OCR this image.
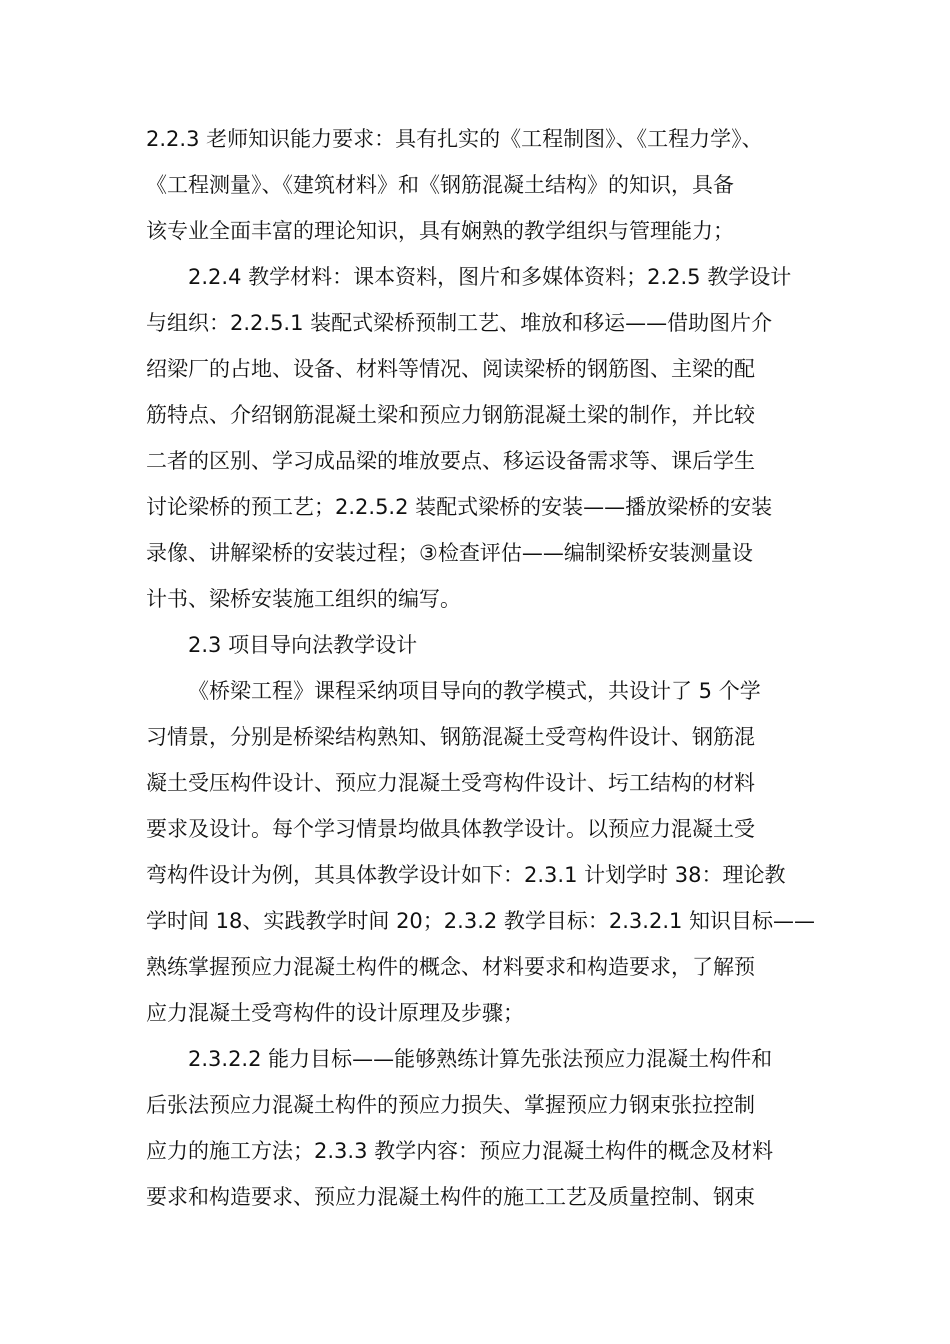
2.2.3 老师知识能力要求：具有扎实的《工程制图》、《工程力学》、
《工程测量》、《建筑材料》和《钢筋混凝土结构》的知识，具备
该专业全面丰富的理论知识，具有娴熟的教学组织与管理能力；
2.2.4 教学材料：课本资料，图片和多媒体资料；2.2.5 教学设计
与组织：2.2.5.1 装配式梁桥预制工艺、堆放和移运——借助图片介
绍梁厂的占地、设备、材料等情况、阅读梁桥的钢筋图、主梁的配
筋特点、介绍钢筋混凝土梁和预应力钢筋混凝土梁的制作，并比较
二者的区别、学习成品梁的堆放要点、移运设备需求等、课后学生
讨论梁桥的预工艺；2.2.5.2 装配式梁桥的安装——播放梁桥的安装
录像、讲解梁桥的安装过程；③检查评估——编制梁桥安装测量设
计书、梁桥安装施工组织的编写。
2.3 项目导向法教学设计
《桥梁工程》课程采纳项目导向的教学模式，共设计了 5 个学
习情景，分别是桥梁结构熟知、钢筋混凝土受弯构件设计、钢筋混
凝土受压构件设计、预应力混凝土受弯构件设计、圬工结构的材料
要求及设计。每个学习情景均做具体教学设计。以预应力混凝土受
弯构件设计为例，其具体教学设计如下：2.3.1 计划学时 38：理论教
学时间 18、实践教学时间 20；2.3.2 教学目标：2.3.2.1 知识目标——
熟练掌握预应力混凝土构件的概念、材料要求和构造要求，了解预
应力混凝土受弯构件的设计原理及步骤；
2.3.2.2 能力目标——能够熟练计算先张法预应力混凝土构件和
后张法预应力混凝土构件的预应力损失、掌握预应力钢束张拉控制
应力的施工方法；2.3.3 教学内容：预应力混凝土构件的概念及材料
要求和构造要求、预应力混凝土构件的施工工艺及质量控制、钢束
